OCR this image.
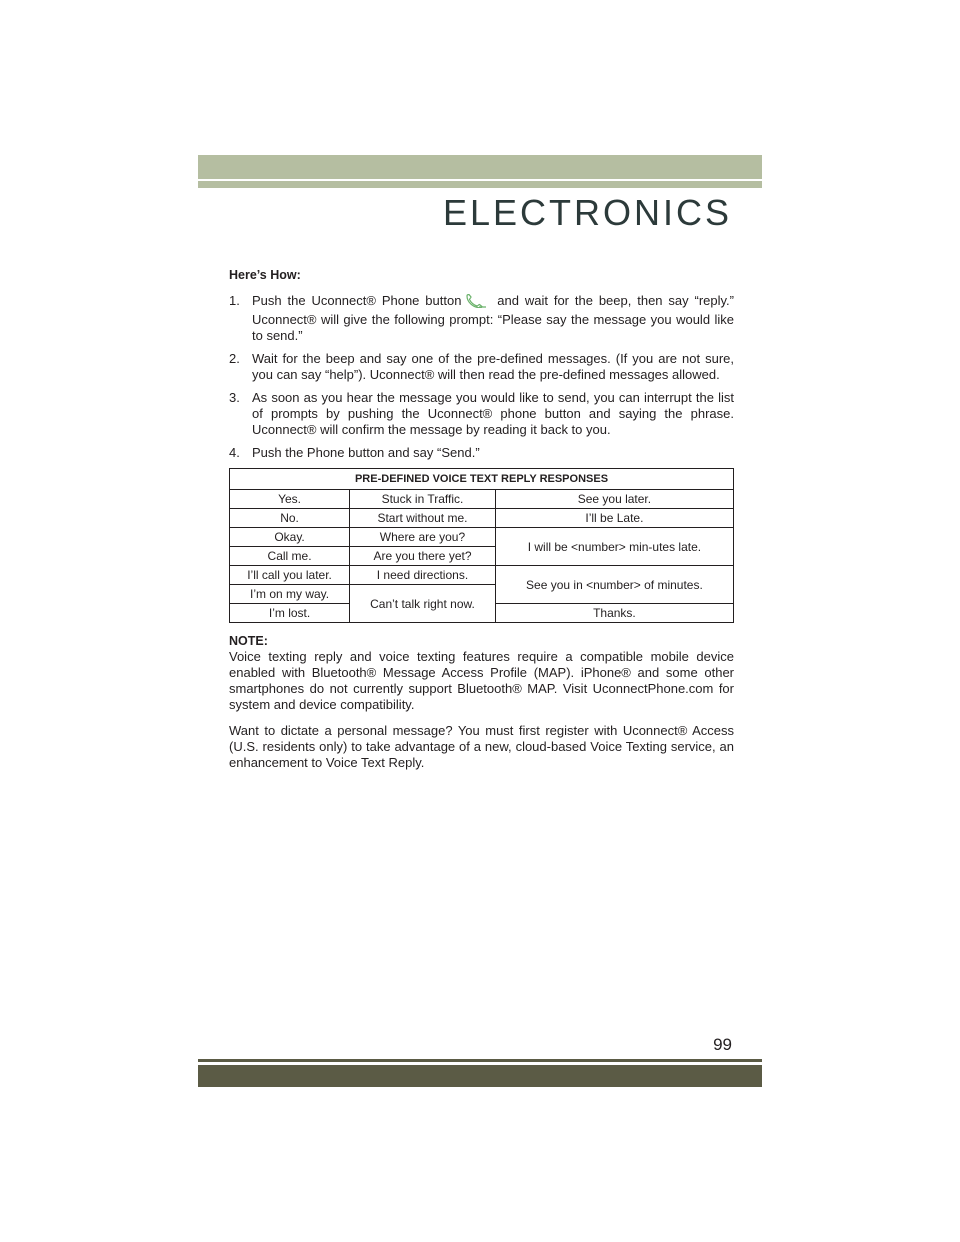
ELECTRONICS

Here’s How:

1. Push the Uconnect® Phone button and wait for the beep, then say “reply.” Uconnect® will give the following prompt: “Please say the message you would like to send.”
2. Wait for the beep and say one of the pre-defined messages. (If you are not sure, you can say “help”). Uconnect® will then read the pre-defined messages allowed.
3. As soon as you hear the message you would like to send, you can interrupt the list of prompts by pushing the Uconnect® phone button and saying the phrase. Uconnect® will confirm the message by reading it back to you.
4. Push the Phone button and say “Send.”
PRE-DEFINED VOICE TEXT REPLY RESPONSES		
Yes.	Stuck in Traffic.	See you later.
No.	Start without me.	I’ll be Late.
Okay.	Where are you?	I will be <number> min-utes late.
Call me.	Are you there yet?	
I’ll call you later.	I need directions.	See you in <number> of minutes.
I’m on my way.	Can’t talk right now.	
I’m lost.		Thanks.

NOTE:

Voice texting reply and voice texting features require a compatible mobile device enabled with Bluetooth® Message Access Profile (MAP). iPhone® and some other smartphones do not currently support Bluetooth® MAP. Visit UconnectPhone.com for system and device compatibility.

Want to dictate a personal message? You must first register with Uconnect® Access (U.S. residents only) to take advantage of a new, cloud-based Voice Texting service, an enhancement to Voice Text Reply.

99
